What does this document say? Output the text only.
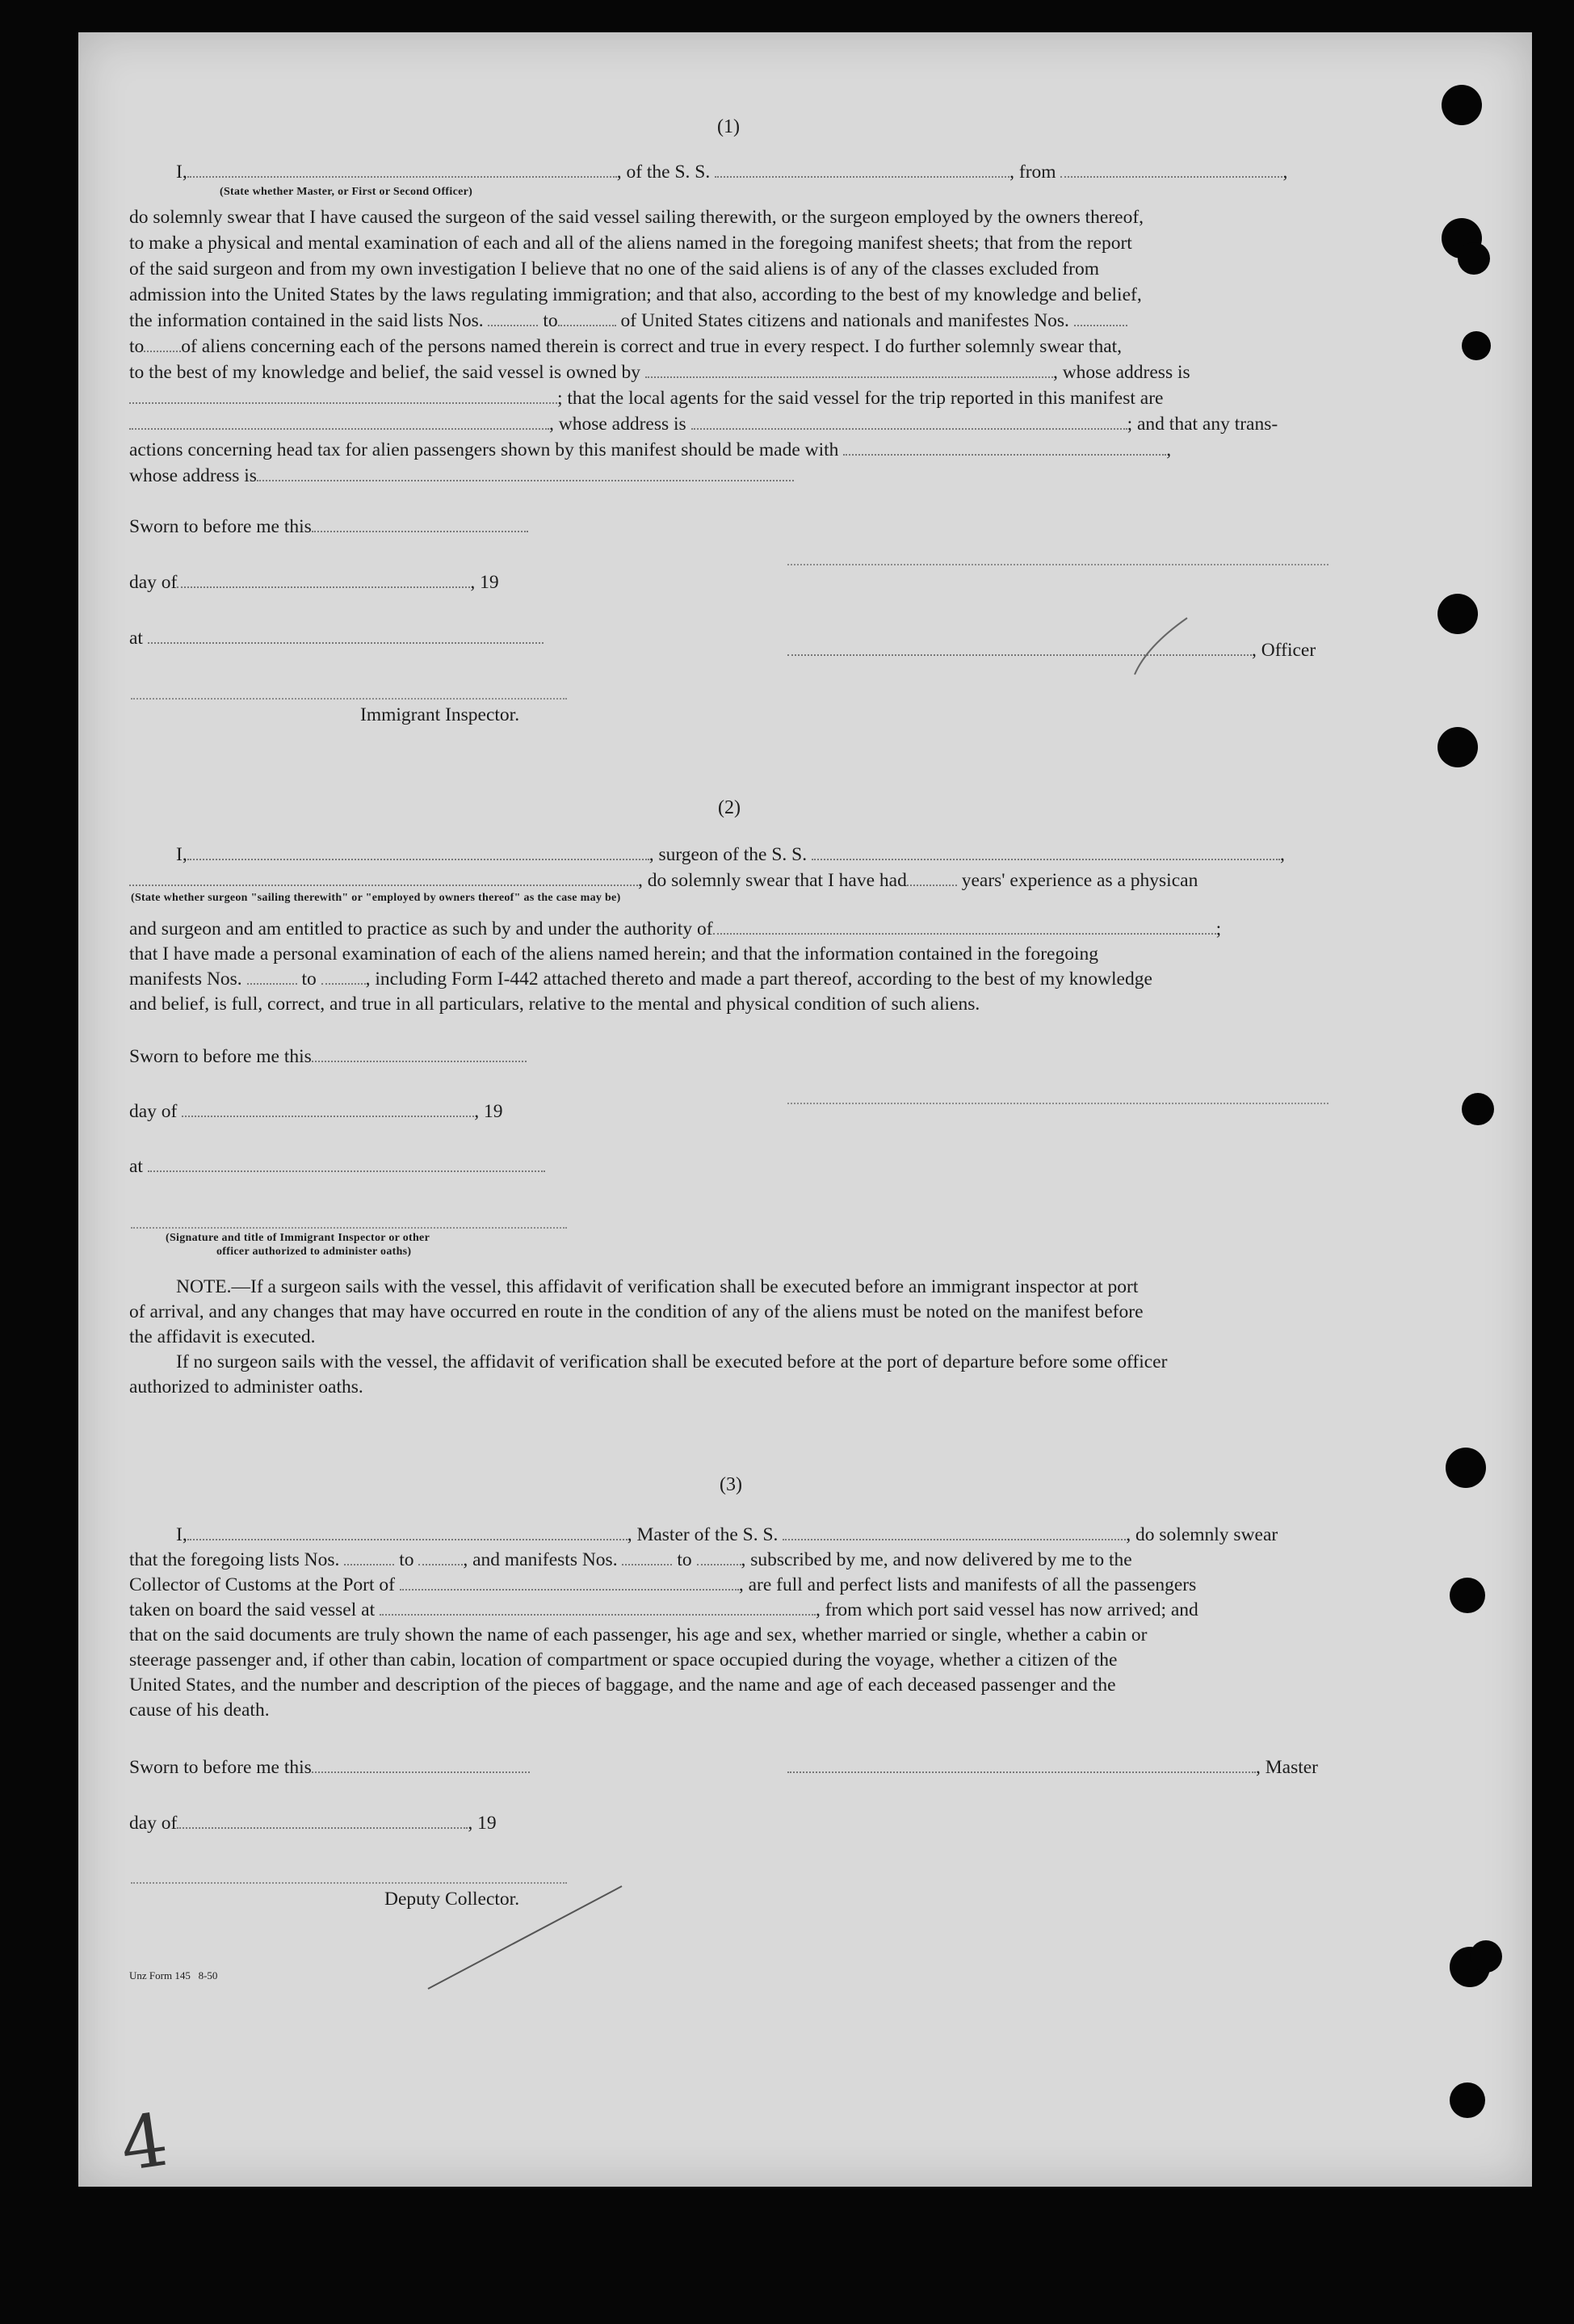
(1)
I,	, of the S. S.	, from	,
(State whether Master, or First or Second Officer)
do solemnly swear that I have caused the surgeon of the said vessel sailing therewith, or the surgeon employed by the owners thereof,
to make a physical and mental examination of each and all of the aliens named in the foregoing manifest sheets; that from the report
of the said surgeon and from my own investigation I believe that no one of the said aliens is of any of the classes excluded from
admission into the United States by the laws regulating immigration; and that also, according to the best of my knowledge and belief,
the information contained in the said lists Nos.	to	of United States citizens and nationals and manifestes Nos.
to of aliens concerning each of the persons named therein is correct and true in every respect. I do further solemnly swear that,
to the best of my knowledge and belief, the said vessel is owned by	, whose address is
; that the local agents for the said vessel for the trip reported in this manifest are
, whose address is	; and that any trans-
actions concerning head tax for alien passengers shown by this manifest should be made with	,
whose address is
Sworn to before me this
day of	, 19
at
, Officer
Immigrant Inspector.
(2)
I,	, surgeon of the S. S.	,
, do solemnly swear that I have had	years' experience as a physican
(State whether surgeon "sailing therewith" or "employed by owners thereof" as the case may be)
and surgeon and am entitled to practice as such by and under the authority of	;
that I have made a personal examination of each of the aliens named herein; and that the information contained in the foregoing
manifests Nos.	to	, including Form I-442 attached thereto and made a part thereof, according to the best of my knowledge
and belief, is full, correct, and true in all particulars, relative to the mental and physical condition of such aliens.
Sworn to before me this
day of	, 19
at
(Signature and title of Immigrant Inspector or other
officer authorized to administer oaths)
NOTE.—If a surgeon sails with the vessel, this affidavit of verification shall be executed before an immigrant inspector at port
of arrival, and any changes that may have occurred en route in the condition of any of the aliens must be noted on the manifest before
the affidavit is executed.
If no surgeon sails with the vessel, the affidavit of verification shall be executed before at the port of departure before some officer
authorized to administer oaths.
(3)
I,	, Master of the S. S.	, do solemnly swear
that the foregoing lists Nos.	to	, and manifests Nos.	to	, subscribed by me, and now delivered by me to the
Collector of Customs at the Port of	, are full and perfect lists and manifests of all the passengers
taken on board the said vessel at	, from which port said vessel has now arrived; and
that on the said documents are truly shown the name of each passenger, his age and sex, whether married or single, whether a cabin or
steerage passenger and, if other than cabin, location of compartment or space occupied during the voyage, whether a citizen of the
United States, and the number and description of the pieces of baggage, and the name and age of each deceased passenger and the
cause of his death.
Sworn to before me this	, Master
day of	, 19
Deputy Collector.
Unz Form 145 8-50
4
